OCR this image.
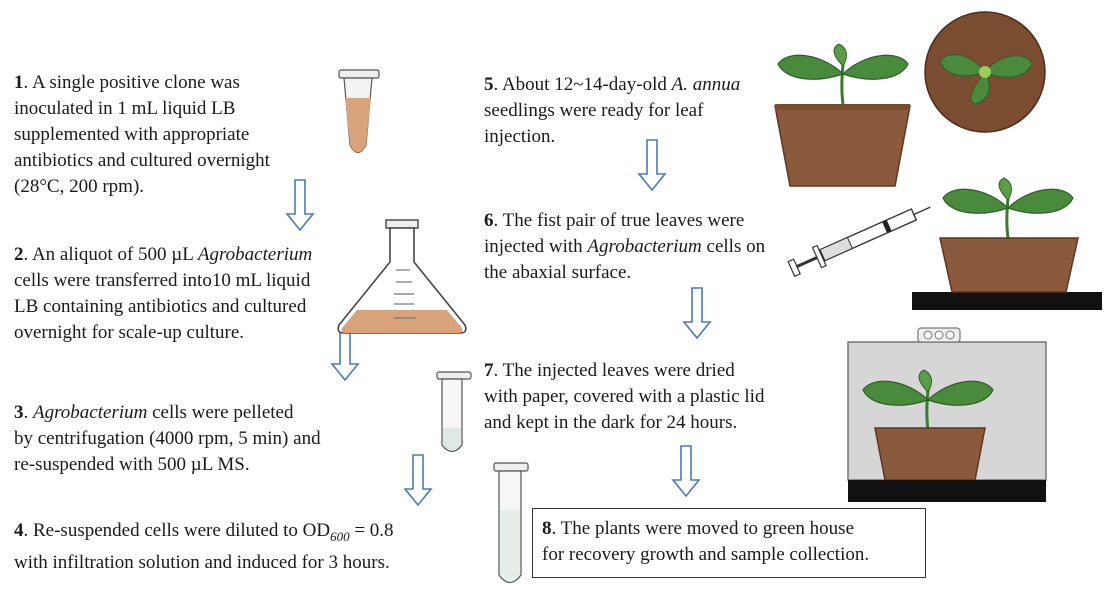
1. A single positive clone was
inoculated in 1 mL liquid LB
supplemented with appropriate
antibiotics and cultured overnight
(28°C, 200 rpm).
2. An aliquot of 500 µL Agrobacterium
cells were transferred into10 mL liquid
LB containing antibiotics and cultured
overnight for scale-up culture.
3. Agrobacterium cells were pelleted
by centrifugation (4000 rpm, 5 min) and
re-suspended with 500 µL MS.
4. Re-suspended cells were diluted to $OD_{600} = 0.8$
with infiltration solution and induced for 3 hours.
5. About 12~14-day-old A. annua
seedlings were ready for leaf
injection.
6. The fist pair of true leaves were
injected with Agrobacterium cells on
the abaxial surface.
7. The injected leaves were dried
with paper, covered with a plastic lid
and kept in the dark for 24 hours.
8. The plants were moved to green house
for recovery growth and sample collection.
